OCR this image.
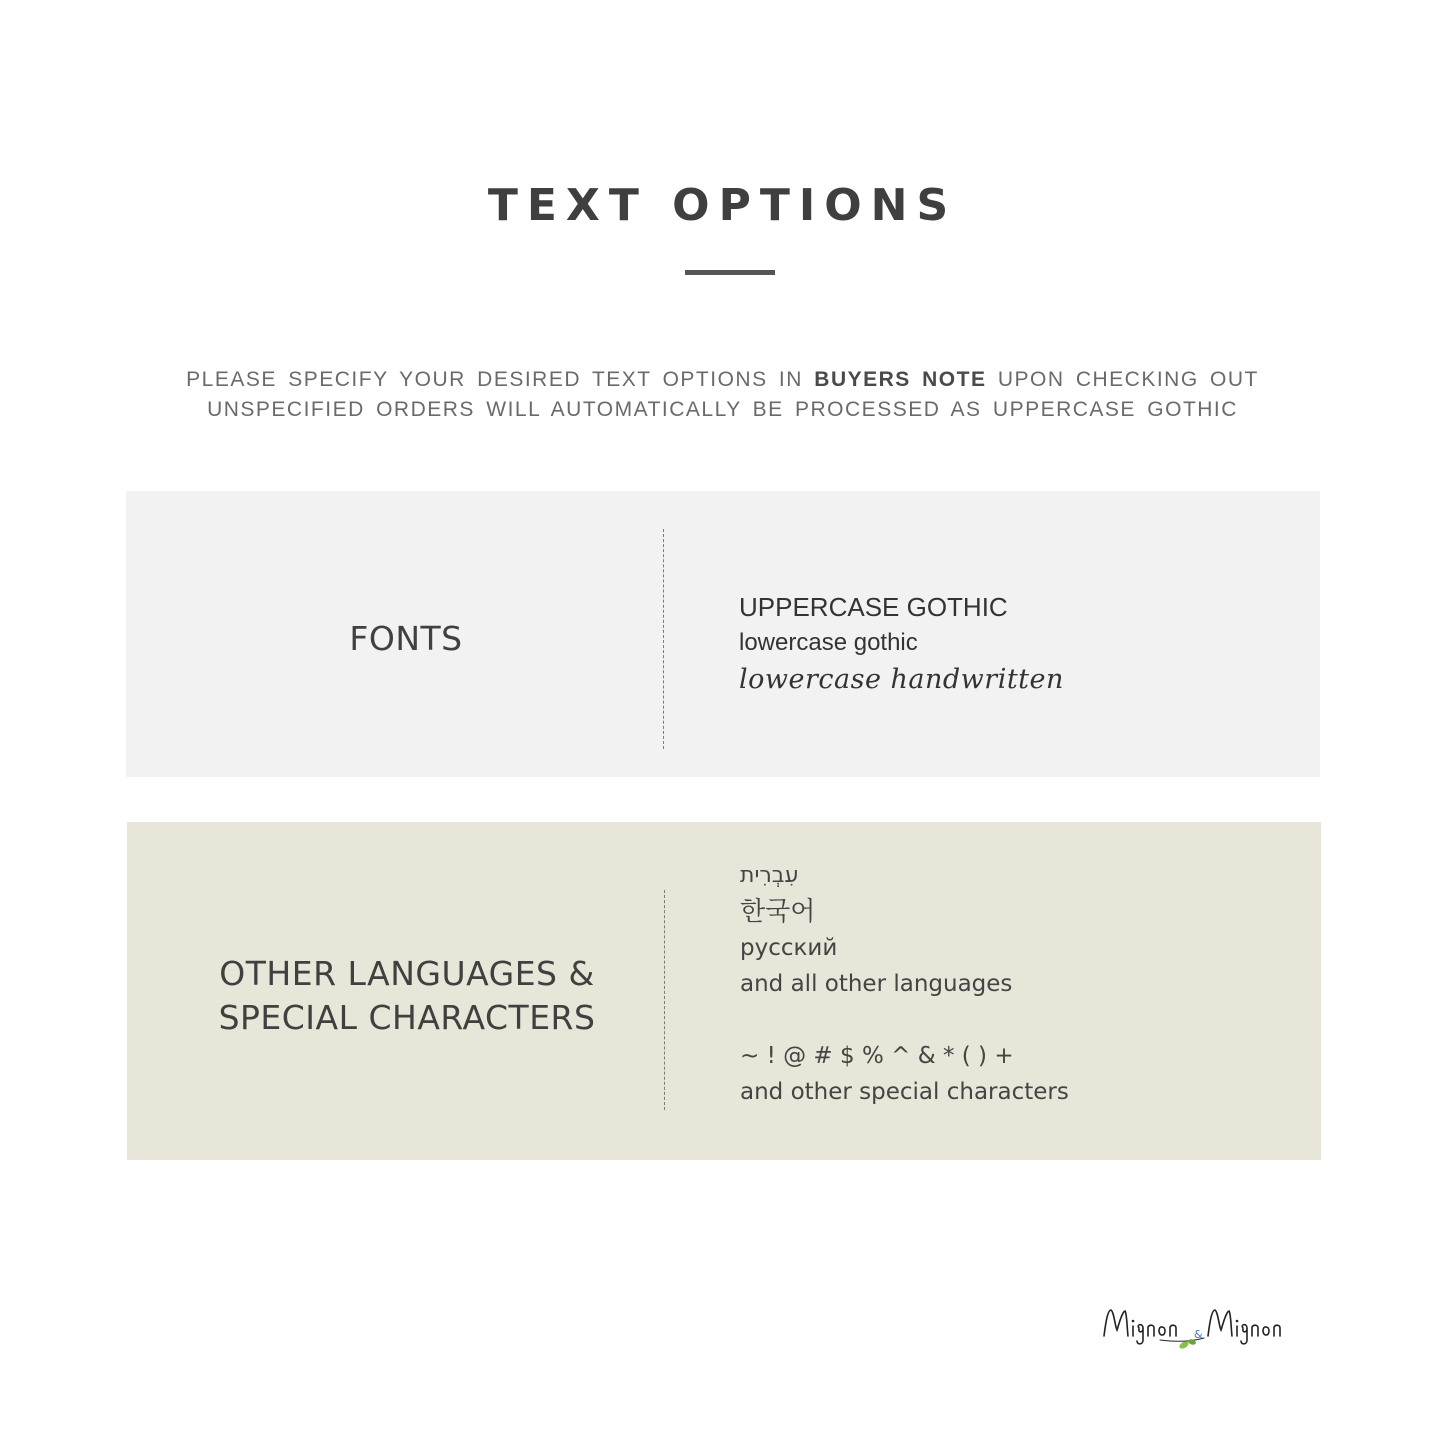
TEXT OPTIONS
PLEASE SPECIFY YOUR DESIRED TEXT OPTIONS IN BUYERS NOTE UPON CHECKING OUT
UNSPECIFIED ORDERS WILL AUTOMATICALLY BE PROCESSED AS UPPERCASE GOTHIC
FONTS
UPPERCASE GOTHIC
lowercase gothic
lowercase handwritten
OTHER LANGUAGES &
SPECIAL CHARACTERS
עִבְרִית
한국어
русский
and all other languages
~ ! @ # $ % ^ & * ( ) +
and other special characters
&
